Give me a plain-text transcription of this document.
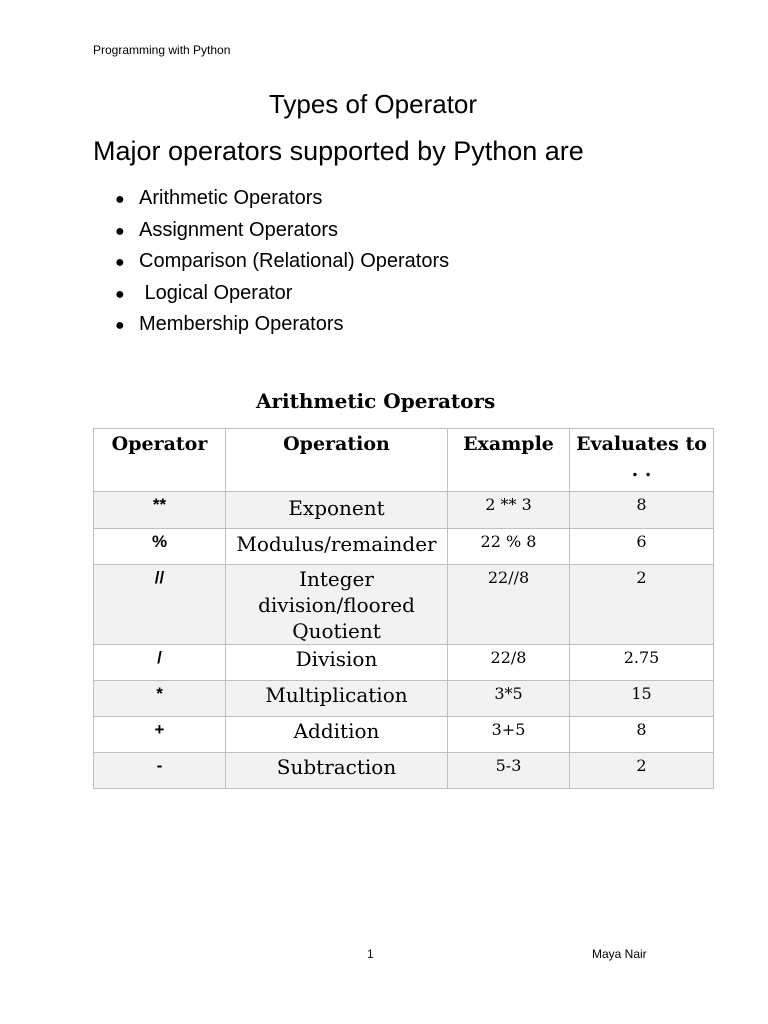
Programming with Python
Types of Operator
Major operators supported by Python are
● Arithmetic Operators
● Assignment Operators
● Comparison (Relational) Operators
● Logical Operator
● Membership Operators
Arithmetic Operators
Operator	Operation	Example	Evaluates to . .
**	Exponent	2 ** 3	8
%	Modulus/remainder	22 % 8	6
//	Integer division/floored Quotient	22//8	2
/	Division	22/8	2.75
*	Multiplication	3*5	15
+	Addition	3+5	8
-	Subtraction	5-3	2
1	Maya Nair
